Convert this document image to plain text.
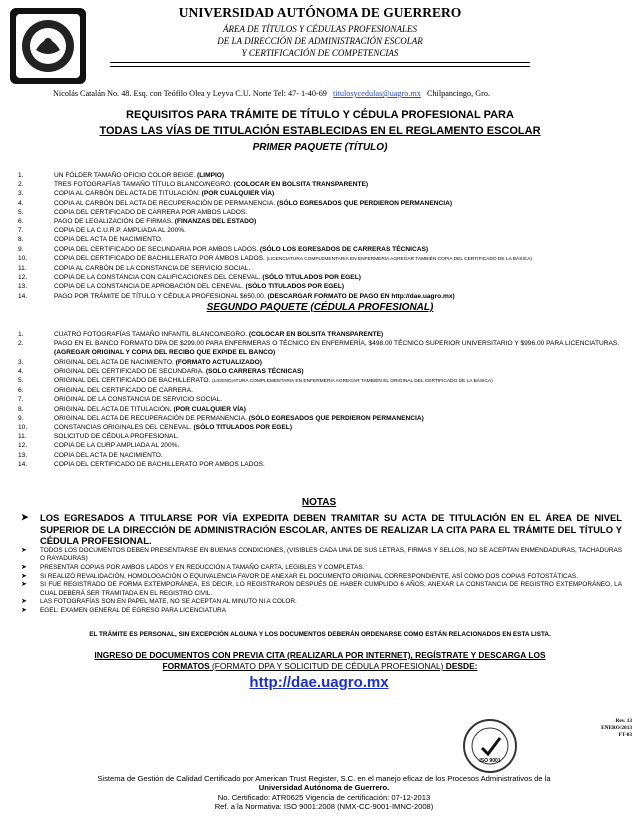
UNIVERSIDAD AUTÓNOMA DE GUERRERO
ÁREA DE TÍTULOS Y CÉDULAS PROFESIONALES
DE LA DIRECCIÓN DE ADMINISTRACIÓN ESCOLAR
Y CERTIFICACIÓN DE COMPETENCIAS
Nicolás Catalán No. 48. Esq. con Teófilo Olea y Leyva C.U. Norte Tel: 47- 1-40-69 titulosycedulas@uagro.mx Chilpancingo, Gro.
REQUISITOS PARA TRÁMITE DE TÍTULO Y CÉDULA PROFESIONAL PARA
TODAS LAS VÍAS DE TITULACIÓN ESTABLECIDAS EN EL REGLAMENTO ESCOLAR
PRIMER PAQUETE (TÍTULO)
1.	UN FÓLDER TAMAÑO OFICIO COLOR BEIGE. (LIMPIO)
2.	TRES FOTOGRAFÍAS TAMAÑO TÍTULO BLANCO/NEGRO. (COLOCAR EN BOLSITA TRANSPARENTE)
3.	COPIA AL CARBÓN DEL ACTA DE TITULACIÓN. (POR CUALQUIER VÍA)
4.	COPIA AL CARBÓN DEL ACTA DE RECUPERACIÓN DE PERMANENCIA. (SÓLO EGRESADOS QUE PERDIERON PERMANENCIA)
5.	COPIA DEL CERTIFICADO DE CARRERA POR AMBOS LADOS.
6.	PAGO DE LEGALIZACIÓN DE FIRMAS. (FINANZAS DEL ESTADO)
7.	COPIA DE LA C.U.R.P. AMPLIADA AL 200%.
8.	COPIA DEL ACTA DE NACIMIENTO.
9.	COPIA DEL CERTIFICADO DE SECUNDARIA POR AMBOS LADOS. (SÓLO LOS EGRESADOS DE CARRERAS TÉCNICAS)
10.	COPIA DEL CERTIFICADO DE BACHILLERATO POR AMBOS LADOS. (LICENCIATURA COMPLEMENTARIA EN ENFERMERÍA AGREGAR TAMBIÉN COPIA DEL CERTIFICADO DE LA BÁSICA)
11.	COPIA AL CARBÓN DE LA CONSTANCIA DE SERVICIO SOCIAL.
12.	COPIA DE LA CONSTANCIA CON CALIFICACIONES DEL CENEVAL. (SÓLO TITULADOS POR EGEL)
13.	COPIA DE LA CONSTANCIA DE APROBACIÓN DEL CENEVAL. (SÓLO TITULADOS POR EGEL)
14.	PAGO POR TRÁMITE DE TÍTULO Y CÉDULA PROFESIONAL $650.00. (DESCARGAR FORMATO DE PAGO EN http://dae.uagro.mx)
SEGUNDO PAQUETE (CÉDULA PROFESIONAL)
1.	CUATRO FOTOGRAFÍAS TAMAÑO INFANTIL BLANCO/NEGRO. (COLOCAR EN BOLSITA TRANSPARENTE)
2.	PAGO EN EL BANCO FORMATO DPA DE $299.00 PARA ENFERMERAS O TÉCNICO EN ENFERMERÍA, $498.00 TÉCNICO SUPERIOR UNIVERSITARIO Y $996.00 PARA LICENCIATURAS. (AGREGAR ORIGINAL Y COPIA DEL RECIBO QUE EXPIDE EL BANCO)
3.	ORIGINAL DEL ACTA DE NACIMIENTO. (FORMATO ACTUALIZADO)
4.	ORIGINAL DEL CERTIFICADO DE SECUNDARIA. (SOLO CARRERAS TÉCNICAS)
5.	ORIGINAL DEL CERTIFICADO DE BACHILLERATO. (LICENCIATURA COMPLEMENTARIA EN ENFERMERÍA AGREGAR TAMBIÉN EL ORIGINAL DEL CERTIFICADO DE LA BÁSICA)
6.	ORIGINAL DEL CERTIFICADO DE CARRERA.
7.	ORIGINAL DE LA CONSTANCIA DE SERVICIO SOCIAL.
8.	ORIGINAL DEL ACTA DE TITULACIÓN. (POR CUALQUIER VÍA)
9.	ORIGINAL DEL ACTA DE RECUPERACIÓN DE PERMANENCIA. (SÓLO EGRESADOS QUE PERDIERON PERMANENCIA)
10.	CONSTANCIAS ORIGINALES DEL CENEVAL. (SÓLO TITULADOS POR EGEL)
11.	SOLICITUD DE CÉDULA PROFESIONAL.
12.	COPIA DE LA CURP AMPLIADA AL 200%.
13.	COPIA DEL ACTA DE NACIMIENTO.
14.	COPIA DEL CERTIFICADO DE BACHILLERATO POR AMBOS LADOS.
NOTAS
➤ LOS EGRESADOS A TITULARSE POR VÍA EXPEDITA DEBEN TRAMITAR SU ACTA DE TITULACIÓN EN EL ÁREA DE NIVEL SUPERIOR DE LA DIRECCIÓN DE ADMINISTRACIÓN ESCOLAR, ANTES DE REALIZAR LA CITA PARA EL TRÁMITE DEL TÍTULO Y CÉDULA PROFESIONAL.
➤ TODOS LOS DOCUMENTOS DEBEN PRESENTARSE EN BUENAS CONDICIONES, (VISIBLES CADA UNA DE SUS LETRAS, FIRMAS Y SELLOS, NO SE ACEPTAN ENMENDADURAS, TACHADURAS O RAYADURAS)
➤ PRESENTAR COPIAS POR AMBOS LADOS Y EN REDUCCIÓN A TAMAÑO CARTA, LEGIBLES Y COMPLETAS.
➤ SI REALIZÓ REVALIDACIÓN, HOMOLOGACIÓN O EQUIVALENCIA FAVOR DE ANEXAR EL DOCUMENTO ORIGINAL CORRESPONDIENTE, ASÍ COMO DOS COPIAS FOTOSTÁTICAS.
➤ SI FUE REGISTRADO DE FORMA EXTEMPORÁNEA, ES DECIR, LO REGISTRARON DESPUÉS DE HABER CUMPLIDO 6 AÑOS, ANEXAR LA CONSTANCIA DE REGISTRO EXTEMPORÁNEO, LA CUAL DEBERÁ SER TRAMITADA EN EL REGISTRO CIVIL.
➤ LAS FOTOGRAFÍAS SON EN PAPEL MATE, NO SE ACEPTAN AL MINUTO NI A COLOR.
➤ EGEL: EXAMEN GENERAL DE EGRESO PARA LICENCIATURA
EL TRÁMITE ES PERSONAL, SIN EXCEPCIÓN ALGUNA Y LOS DOCUMENTOS DEBERÁN ORDENARSE COMO ESTÁN RELACIONADOS EN ESTA LISTA.
INGRESO DE DOCUMENTOS CON PREVIA CITA (REALIZARLA POR INTERNET), REGÍSTRATE Y DESCARGA LOS
FORMATOS (FORMATO DPA Y SOLICITUD DE CÉDULA PROFESIONAL) DESDE:
http://dae.uagro.mx
Rev. 13
ENERO/2013
FT-03
ISO 9001
Sistema de Gestión de Calidad Certificado por American Trust Register, S.C. en el manejo eficaz de los Procesos Administrativos de la
Universidad Autónoma de Guerrero.
No. Certificado: ATR0625 Vigencia de certificación: 07-12-2013
Ref. a la Normativa: ISO 9001:2008 (NMX-CC-9001-IMNC-2008)
